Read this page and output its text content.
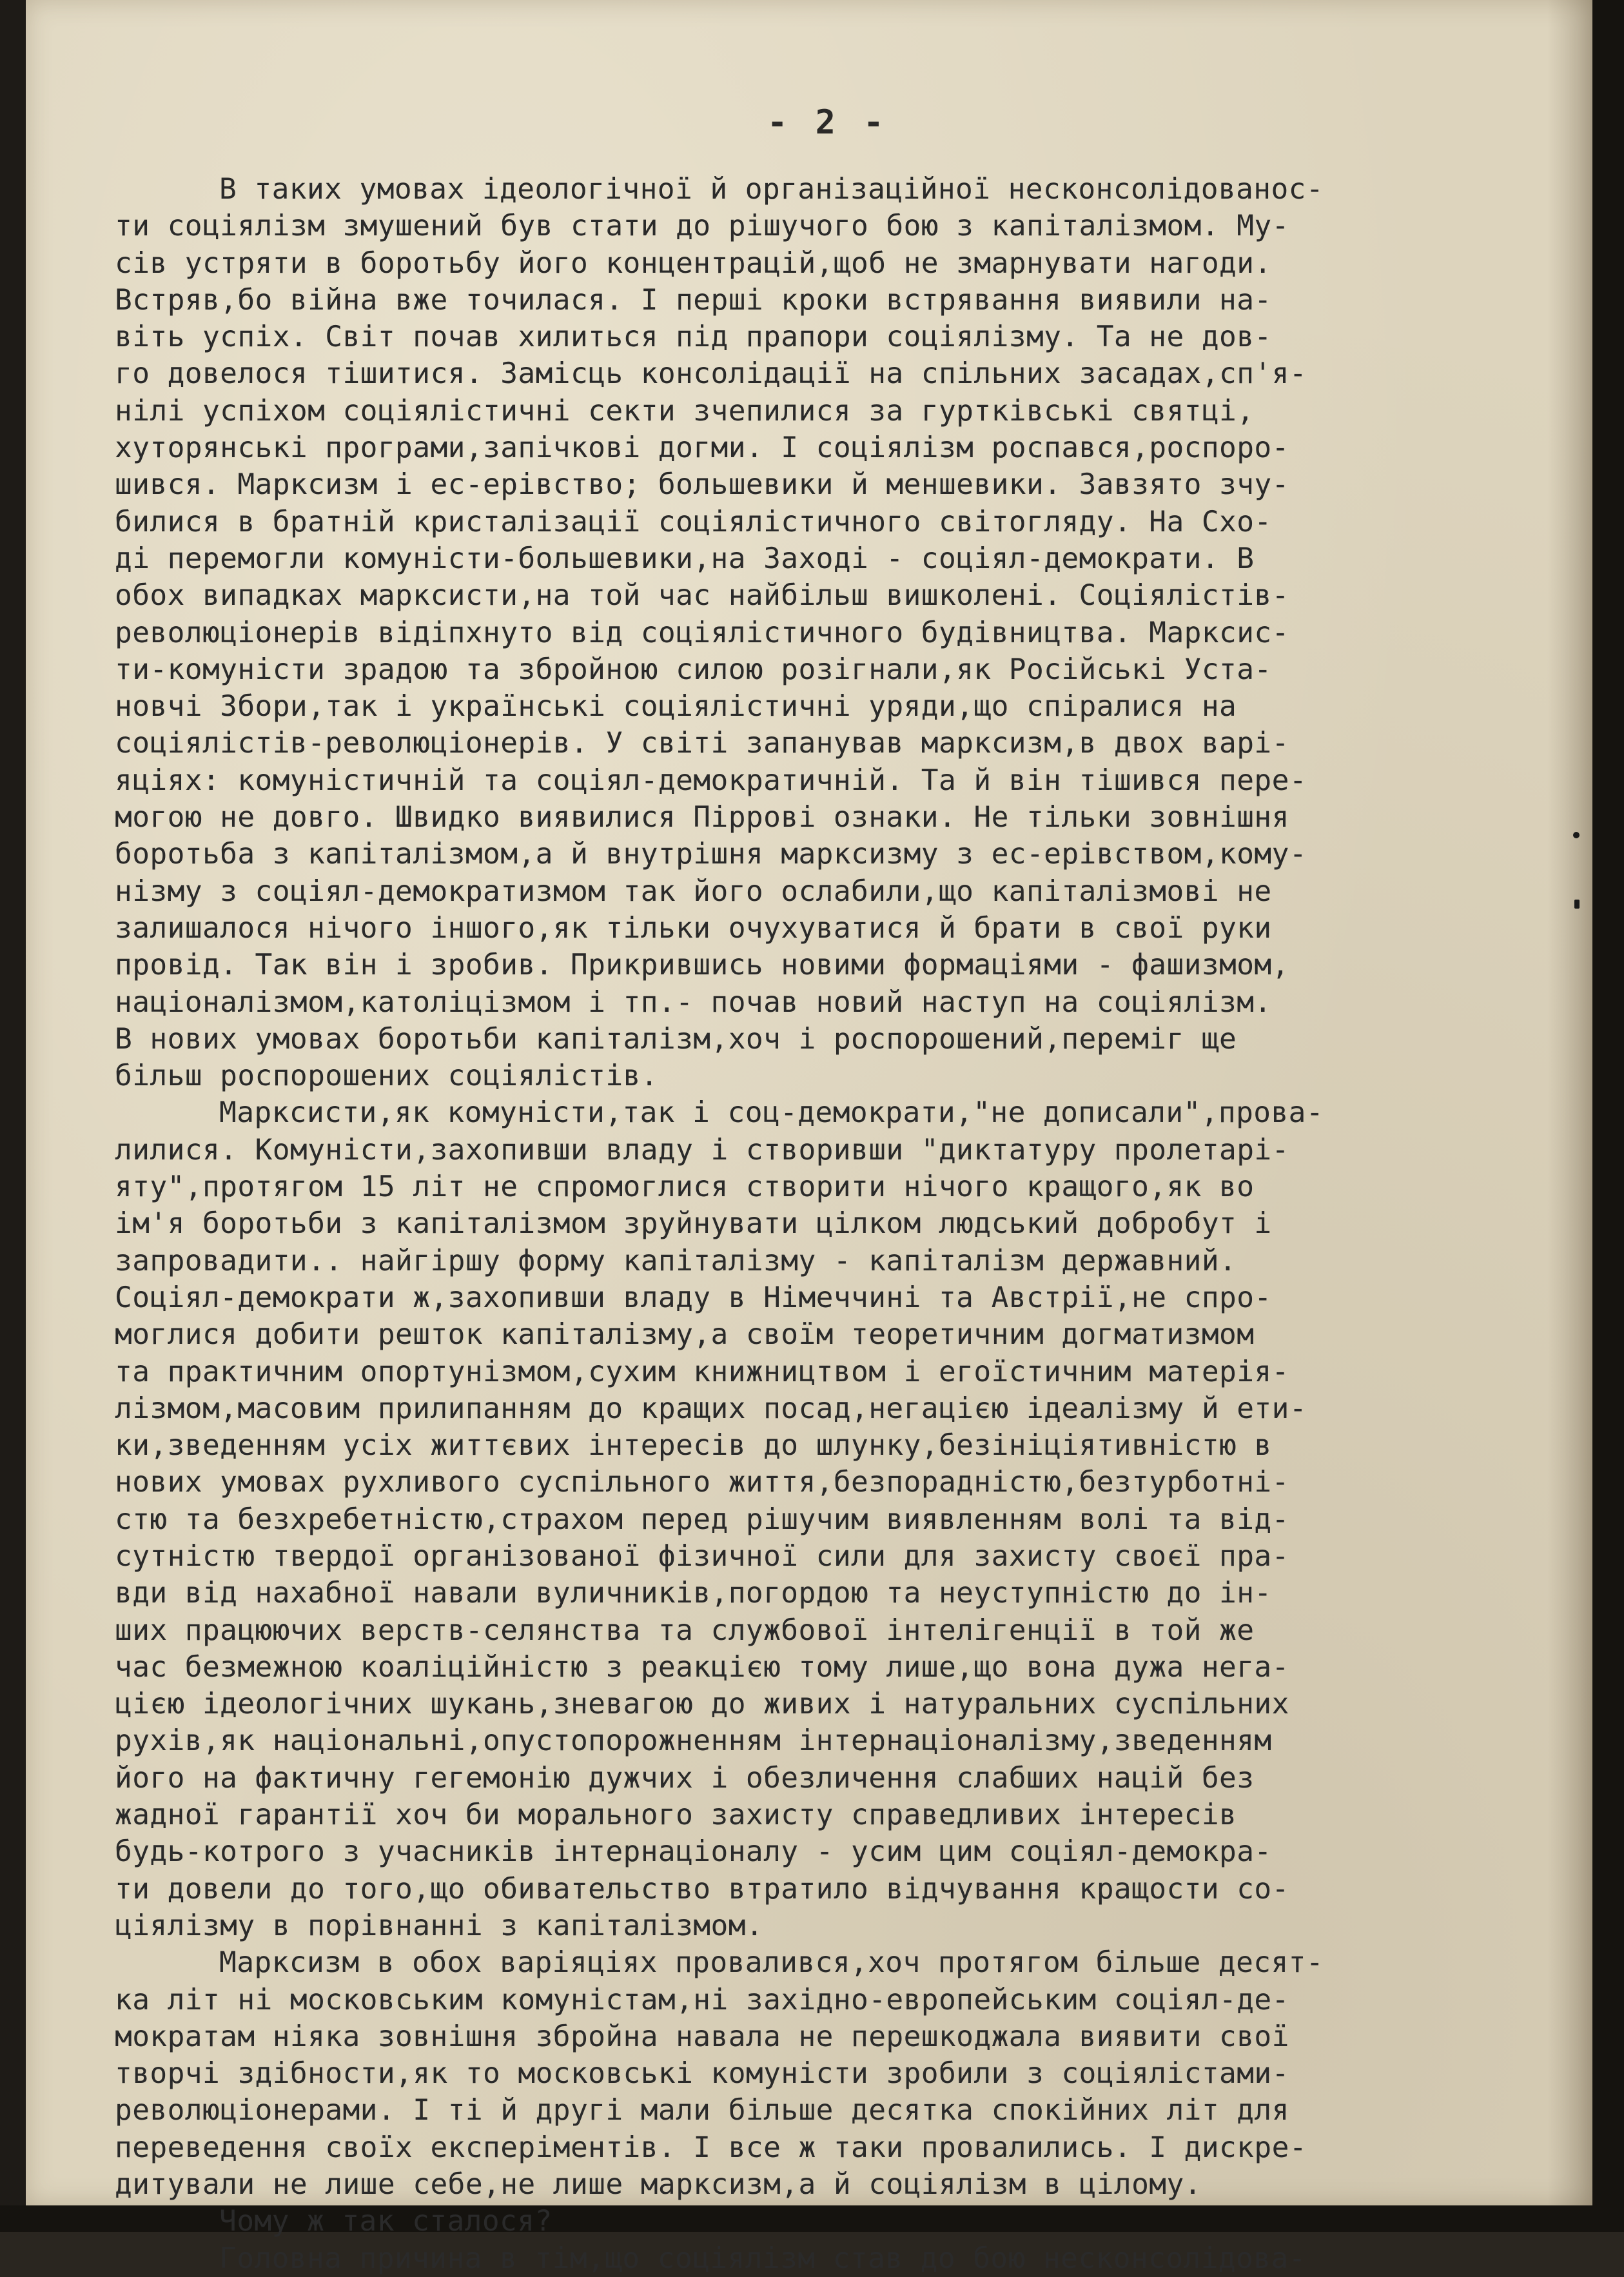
- 2 -
В таких умовах ідеологічної й організаційної несконсолідованос-
ти соціялізм змушений був стати до рішучого бою з капіталізмом. Му-
сів устряти в боротьбу його концентрацій,щоб не змарнувати нагоди.
Встряв,бо війна вже точилася. І перші кроки встрявання виявили на-
віть успіх. Світ почав хилиться під прапори соціялізму. Та не дов-
го довелося тішитися. Замісць консолідації на спільних засадах,сп'я-
нілі успіхом соціялістичні секти зчепилися за гуртківські святці,
хуторянські програми,запічкові догми. І соціялізм роспався,роспоро-
шився. Марксизм і ес-ерівство; большевики й меншевики. Завзято зчу-
билися в братній кристалізації соціялістичного світогляду. На Схо-
ді перемогли комуністи-большевики,на Заході - соціял-демократи. В
обох випадках марксисти,на той час найбільш вишколені. Соціялістів-
революціонерів відіпхнуто від соціялістичного будівництва. Марксис-
ти-комуністи зрадою та збройною силою розігнали,як Російські Уста-
новчі Збори,так і українські соціялістичні уряди,що спіралися на
соціялістів-революціонерів. У світі запанував марксизм,в двох варі-
яціях: комуністичній та соціял-демократичній. Та й він тішився пере-
могою не довго. Швидко виявилися Піррові ознаки. Не тільки зовнішня
боротьба з капіталізмом,а й внутрішня марксизму з ес-ерівством,кому-
нізму з соціял-демократизмом так його ослабили,що капіталізмові не
залишалося нічого іншого,як тільки очухуватися й брати в свої руки
провід. Так він і зробив. Прикрившись новими формаціями - фашизмом,
націоналізмом,католіцізмом і тп.- почав новий наступ на соціялізм.
В нових умовах боротьби капіталізм,хоч і роспорошений,переміг ще
більш роспорошених соціялістів.
Марксисти,як комуністи,так і соц-демократи,"не дописали",прова-
лилися. Комуністи,захопивши владу і створивши "диктатуру пролетарі-
яту",протягом 15 літ не спромоглися створити нічого кращого,як во
ім'я боротьби з капіталізмом зруйнувати цілком людський добробут і
запровадити.. найгіршу форму капіталізму - капіталізм державний.
Соціял-демократи ж,захопивши владу в Німеччині та Австрії,не спро-
моглися добити решток капіталізму,а своїм теоретичним догматизмом
та практичним опортунізмом,сухим книжництвом і егоїстичним матерія-
лізмом,масовим прилипанням до кращих посад,негацією ідеалізму й ети-
ки,зведенням усіх життєвих інтересів до шлунку,безініціятивністю в
нових умовах рухливого суспільного життя,безпорадністю,безтурботні-
стю та безхребетністю,страхом перед рішучим виявленням волі та від-
сутністю твердої організованої фізичної сили для захисту своєї пра-
вди від нахабної навали вуличників,погордою та неуступністю до ін-
ших працюючих верств-селянства та службової інтелігенції в той же
час безмежною коаліційністю з реакцією тому лише,що вона дужа нега-
цією ідеологічних шукань,зневагою до живих і натуральних суспільних
рухів,як національні,опустопорожненням інтернаціоналізму,зведенням
його на фактичну гегемонію дужчих і обезличення слабших націй без
жадної гарантії хоч би морального захисту справедливих інтересів
будь-котрого з учасників інтернаціоналу - усим цим соціял-демокра-
ти довели до того,що обивательство втратило відчування кращости со-
ціялізму в порівнанні з капіталізмом.
Марксизм в обох варіяціях провалився,хоч протягом більше десят-
ка літ ні московським комуністам,ні західно-европейським соціял-де-
мократам ніяка зовнішня збройна навала не перешкоджала виявити свої
творчі здібности,як то московські комуністи зробили з соціялістами-
революціонерами. І ті й другі мали більше десятка спокійних літ для
переведення своїх експеріментів. І все ж таки провалились. І дискре-
дитували не лише себе,не лише марксизм,а й соціялізм в цілому.
Чому ж так сталося?
Головна причина в тім,що соціялізм став до бою несконсолідова-
